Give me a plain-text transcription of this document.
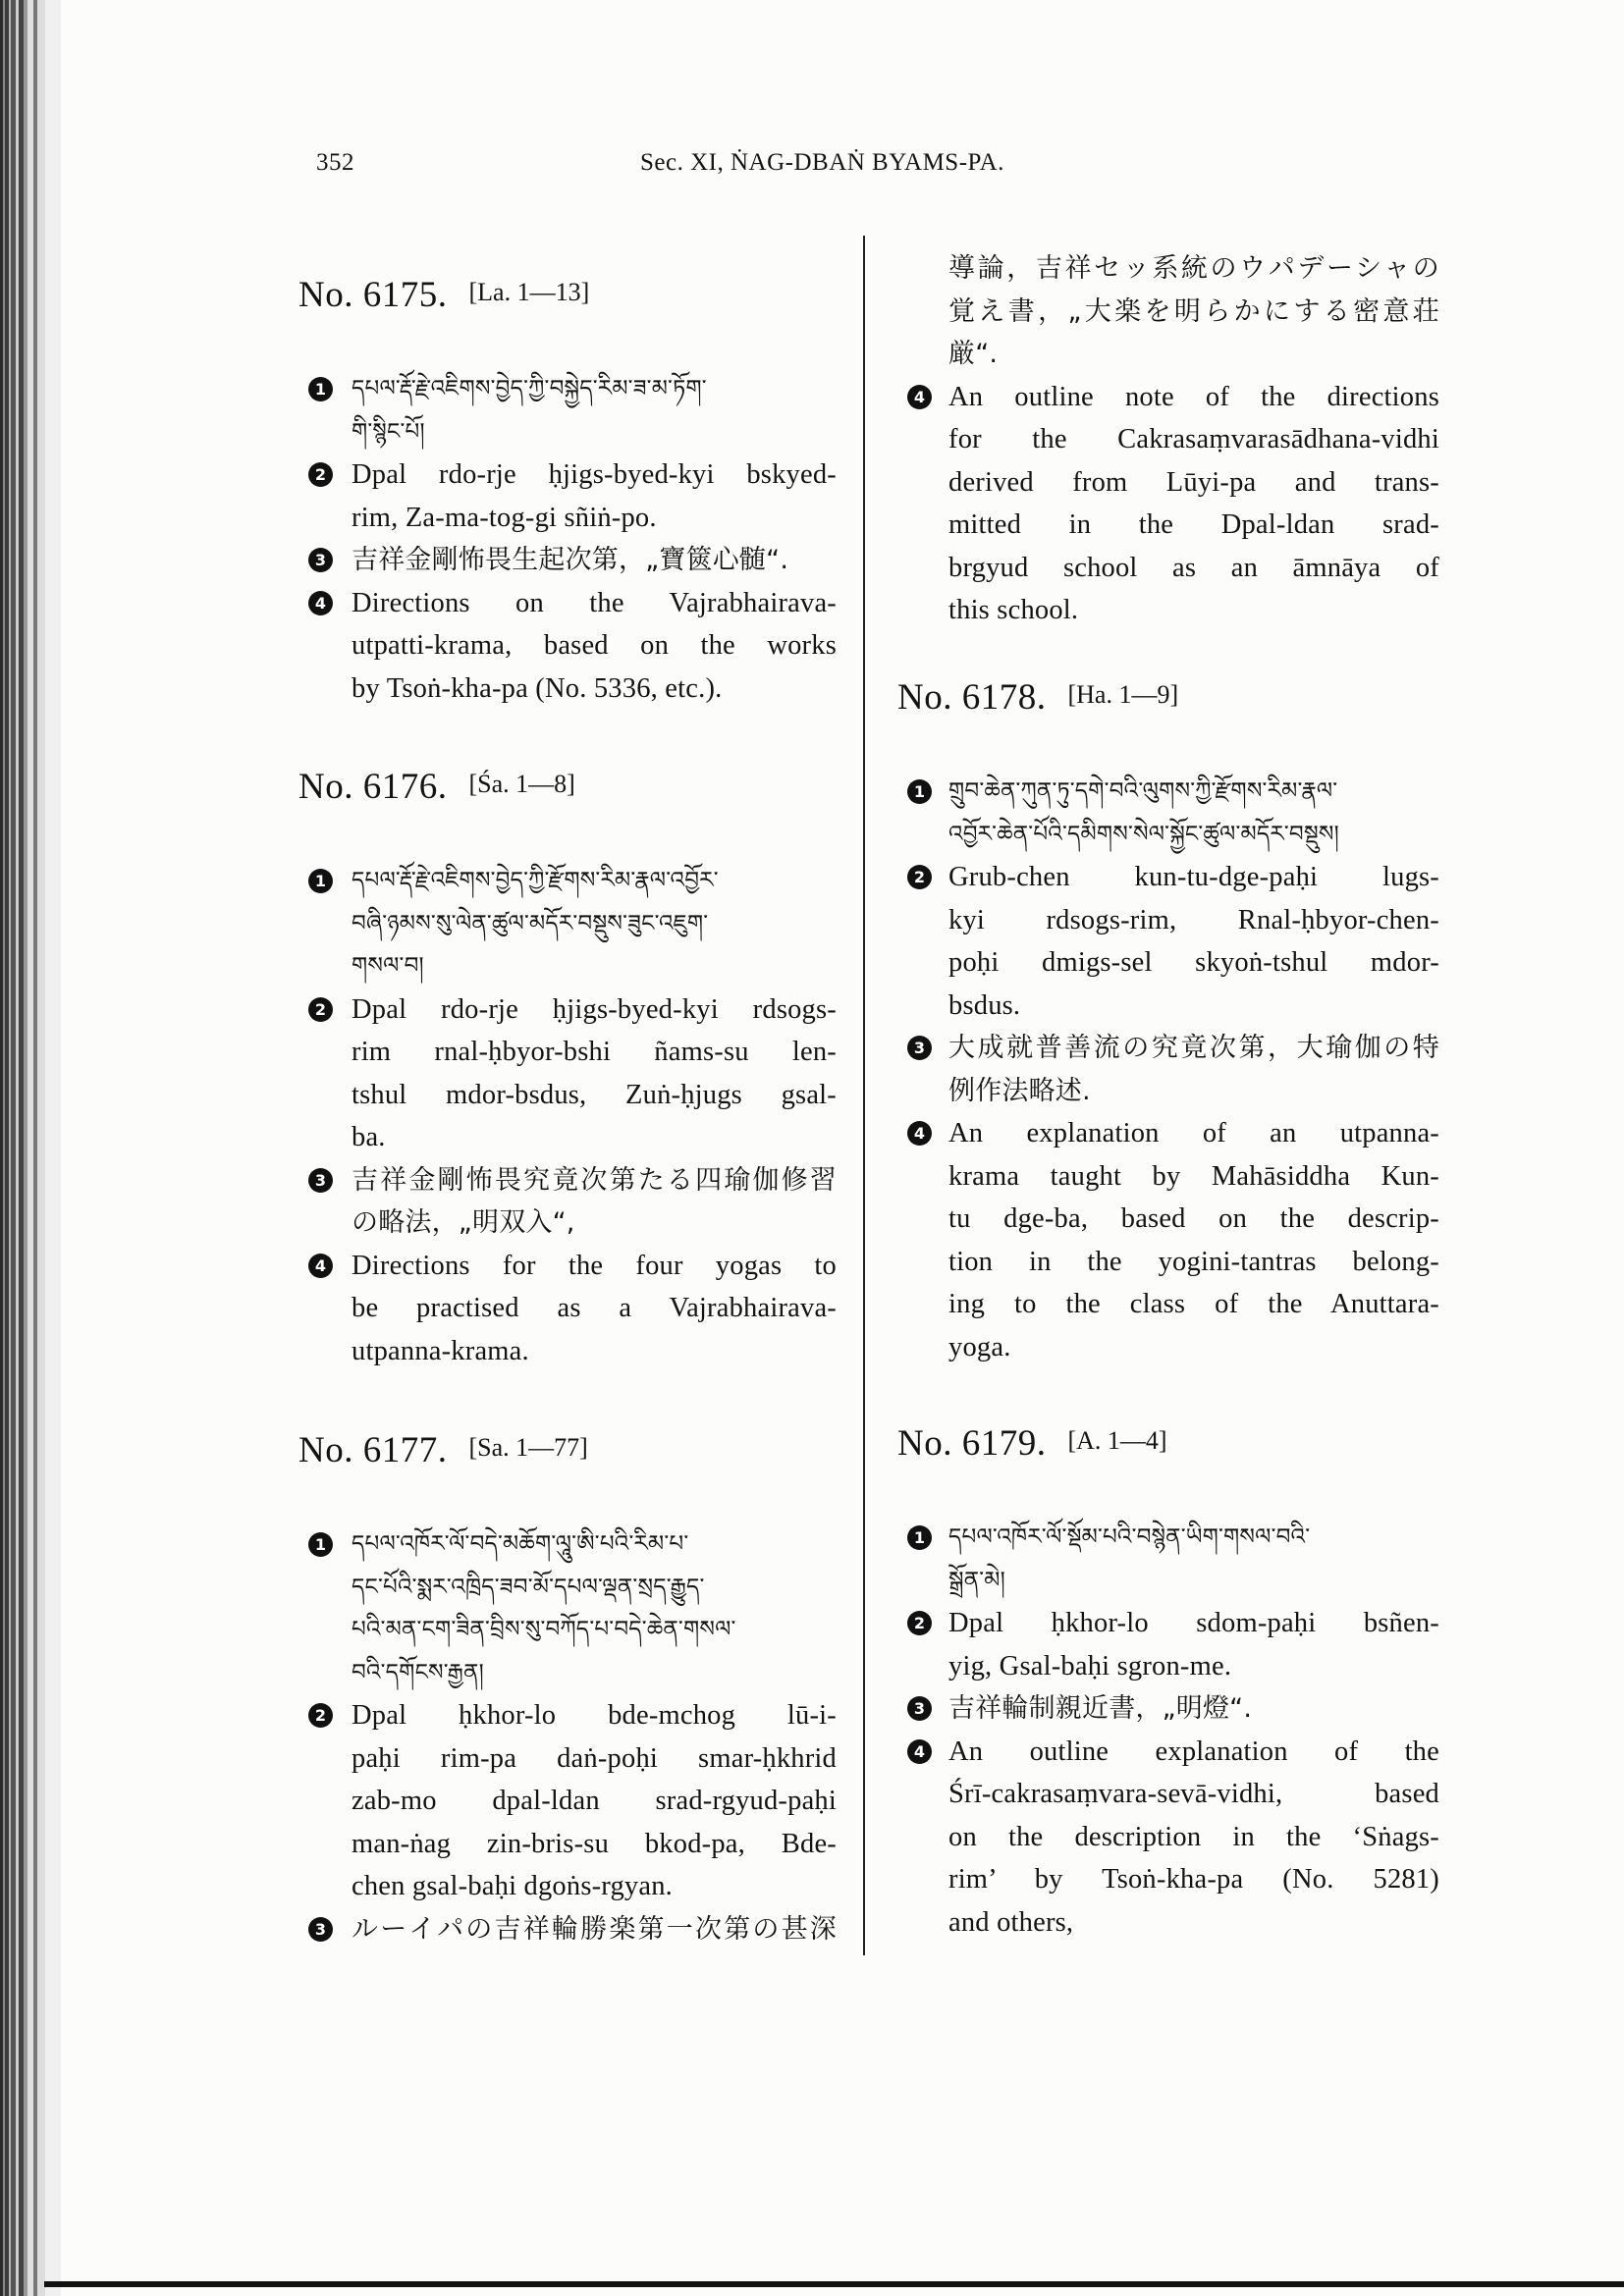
352	Sec. XI, ṄAG-DBAṄ BYAMS-PA.
No. 6175. [La. 1—13]
1	དཔལ་རྡོ་རྗེ་འཇིགས་བྱེད་ཀྱི་བསྐྱེད་རིམ་ཟ་མ་ཏོག་
གི་སྙིང་པོ།
2 Dpal rdo-rje ḥjigs-byed-kyi bskyed-
rim, Za-ma-tog-gi sñiṅ-po.
3 吉祥金剛怖畏生起次第，„寶篋心髄“.
4 Directions on the Vajrabhairava-
utpatti-krama, based on the works
by Tsoṅ-kha-pa (No. 5336, etc.).
No. 6176. [Śa. 1—8]
1	དཔལ་རྡོ་རྗེ་འཇིགས་བྱེད་ཀྱི་རྫོགས་རིམ་རྣལ་འབྱོར་
བཞི་ཉམས་སུ་ལེན་ཚུལ་མདོར་བསྡུས་ཟུང་འཇུག་
གསལ་བ།
2 Dpal rdo-rje ḥjigs-byed-kyi rdsogs-
rim rnal-ḥbyor-bshi ñams-su len-
tshul mdor-bsdus, Zuṅ-ḥjugs gsal-
ba.
3 吉祥金剛怖畏究竟次第たる四瑜伽修習
の略法，„明双入“,
4 Directions for the four yogas to
be practised as a Vajrabhairava-
utpanna-krama.
No. 6177. [Sa. 1—77]
1	དཔལ་འཁོར་ལོ་བདེ་མཆོག་ལཱུ་ཨི་པའི་རིམ་པ་
དང་པོའི་སྨར་འཁྲིད་ཟབ་མོ་དཔལ་ལྡན་སྲད་རྒྱུད་
པའི་མན་ངག་ཟིན་བྲིས་སུ་བཀོད་པ་བདེ་ཆེན་གསལ་
བའི་དགོངས་རྒྱན།
2 Dpal ḥkhor-lo bde-mchog lū-i-
paḥi rim-pa daṅ-poḥi smar-ḥkhrid
zab-mo dpal-ldan srad-rgyud-paḥi
man-ṅag zin-bris-su bkod-pa, Bde-
chen gsal-baḥi dgoṅs-rgyan.
3 ルーイパの吉祥輪勝楽第一次第の甚深
導論，吉祥セッ系統のウパデーシャの
覚え書，„大楽を明らかにする密意荘
厳“.
4 An outline note of the directions
for the Cakrasaṃvarasādhana-vidhi
derived from Lūyi-pa and trans-
mitted in the Dpal-ldan srad-
brgyud school as an āmnāya of
this school.
No. 6178. [Ha. 1—9]
1	གྲུབ་ཆེན་ཀུན་ཏུ་དགེ་བའི་ལུགས་ཀྱི་རྫོགས་རིམ་རྣལ་
འབྱོར་ཆེན་པོའི་དམིགས་སེལ་སྐྱོང་ཚུལ་མདོར་བསྡུས།
2 Grub-chen kun-tu-dge-paḥi lugs-
kyi rdsogs-rim, Rnal-ḥbyor-chen-
poḥi dmigs-sel skyoṅ-tshul mdor-
bsdus.
3 大成就普善流の究竟次第，大瑜伽の特
例作法略述.
4 An explanation of an utpanna-
krama taught by Mahāsiddha Kun-
tu dge-ba, based on the descrip-
tion in the yogini-tantras belong-
ing to the class of the Anuttara-
yoga.
No. 6179. [A. 1—4]
1	དཔལ་འཁོར་ལོ་སྡོམ་པའི་བསྙེན་ཡིག་གསལ་བའི་
སྒྲོན་མེ།
2 Dpal ḥkhor-lo sdom-paḥi bsñen-
yig, Gsal-baḥi sgron-me.
3 吉祥輪制親近書，„明燈“.
4 An outline explanation of the
Śrī-cakrasaṃvara-sevā-vidhi, based
on the description in the ‘Sṅags-
rim’ by Tsoṅ-kha-pa (No. 5281)
and others,
